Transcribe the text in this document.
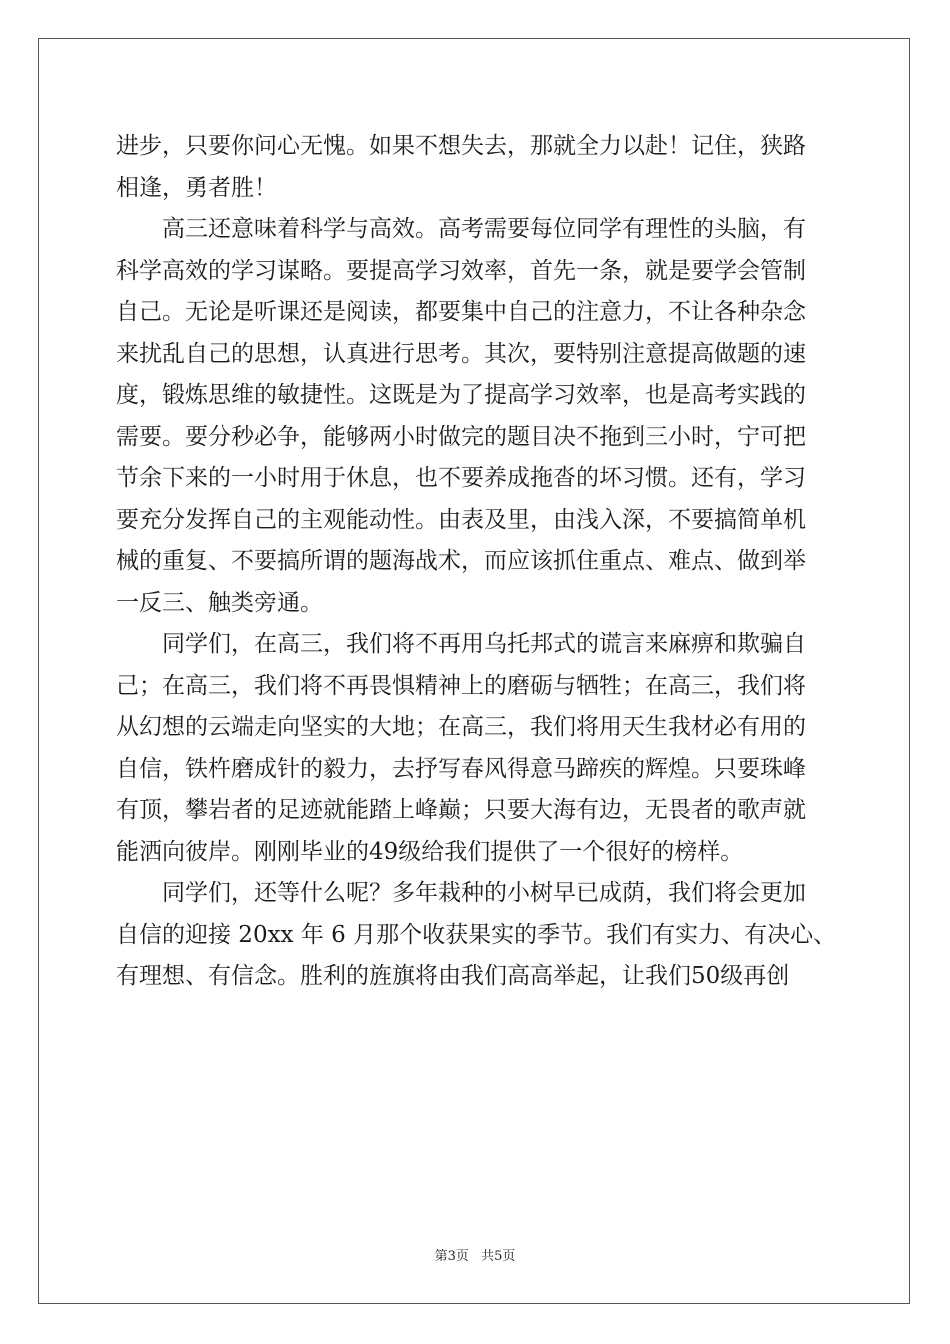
进步，只要你问心无愧。如果不想失去，那就全力以赴！记住，狭路
相逢，勇者胜！
　　高三还意味着科学与高效。高考需要每位同学有理性的头脑，有
科学高效的学习谋略。要提高学习效率，首先一条，就是要学会管制
自己。无论是听课还是阅读，都要集中自己的注意力，不让各种杂念
来扰乱自己的思想，认真进行思考。其次，要特别注意提高做题的速
度，锻炼思维的敏捷性。这既是为了提高学习效率，也是高考实践的
需要。要分秒必争，能够两小时做完的题目决不拖到三小时，宁可把
节余下来的一小时用于休息，也不要养成拖沓的坏习惯。还有，学习
要充分发挥自己的主观能动性。由表及里，由浅入深，不要搞简单机
械的重复、不要搞所谓的题海战术，而应该抓住重点、难点、做到举
一反三、触类旁通。
　　同学们，在高三，我们将不再用乌托邦式的谎言来麻痹和欺骗自
己；在高三，我们将不再畏惧精神上的磨砺与牺牲；在高三，我们将
从幻想的云端走向坚实的大地；在高三，我们将用天生我材必有用的
自信，铁杵磨成针的毅力，去抒写春风得意马蹄疾的辉煌。只要珠峰
有顶，攀岩者的足迹就能踏上峰巅；只要大海有边，无畏者的歌声就
能洒向彼岸。刚刚毕业的49级给我们提供了一个很好的榜样。
　　同学们，还等什么呢？多年栽种的小树早已成荫，我们将会更加
自信的迎接 20xx 年 6 月那个收获果实的季节。我们有实力、有决心、
有理想、有信念。胜利的旌旗将由我们高高举起，让我们50级再创
第3页 共5页
